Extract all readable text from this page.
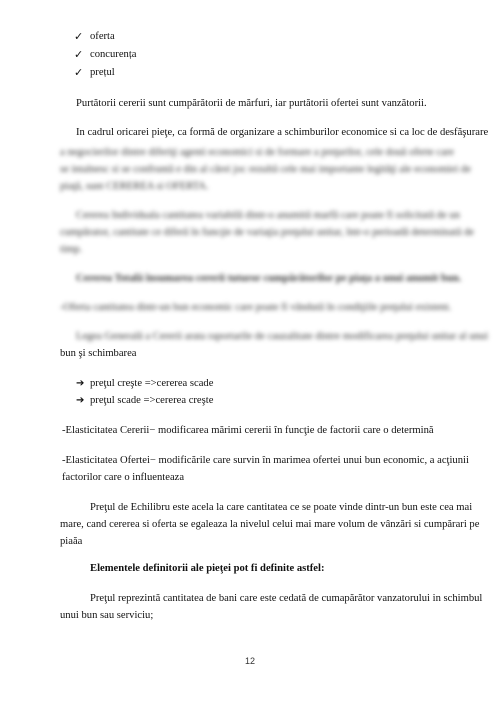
✓ oferta
✓ concurența
✓ prețul
Purtătorii cererii sunt cumpărătorii de mărfuri, iar purtătorii ofertei sunt vanzătorii.
In cadrul oricarei pieţe, ca formă de organizare a schimburilor economice si ca loc de desfăşurare
a negocierilor dintre diferiţi agenti economici si de formare a preţurilor, cele două oferte care
se intalnesc si se confruntă e din al cărei joc rezultă cele mai importante legităţi ale economiei de
piaţă, sunt CEREREA si OFERTA.
Cererea Individuala cantitatea variabilă dintr-o anumită marfă care poate fi solicitată de un
cumpărator, cantitate ce diferă în funcţie de variaţia preţului unitar, într-o perioadă determinată de
timp.
Cererea Totală însumarea cererii tuturor cumpărătorilor pe piaţa a unui anumit bun.
-Oferta cantitatea dintr-un bun economic care poate fi vândută în condiţiile preţului existent.
Legea Generală a Cererii arata raportarile de cauzalitate dintre modificarea preţului unitar al unui
bun şi schimbarea
➔ preţul creşte =>cererea scade
➔ preţul scade =>cererea creşte
-Elasticitatea Cererii− modificarea mărimi cererii în funcţie de factorii care o determină
-Elasticitatea Ofertei− modificările care survin în marimea ofertei unui bun economic, a acţiunii
factorilor care o influenteaza
Preţul de Echilibru este acela la care cantitatea ce se poate vinde dintr-un bun este cea mai
mare, cand cererea si oferta se egaleaza la nivelul celui mai mare volum de vânzări si cumpărari pe
piaăa
Elementele definitorii ale pieţei pot fi definite astfel:
Preţul reprezintă cantitatea de bani care este cedată de cumapărător vanzatorului in schimbul
unui bun sau serviciu;
12
